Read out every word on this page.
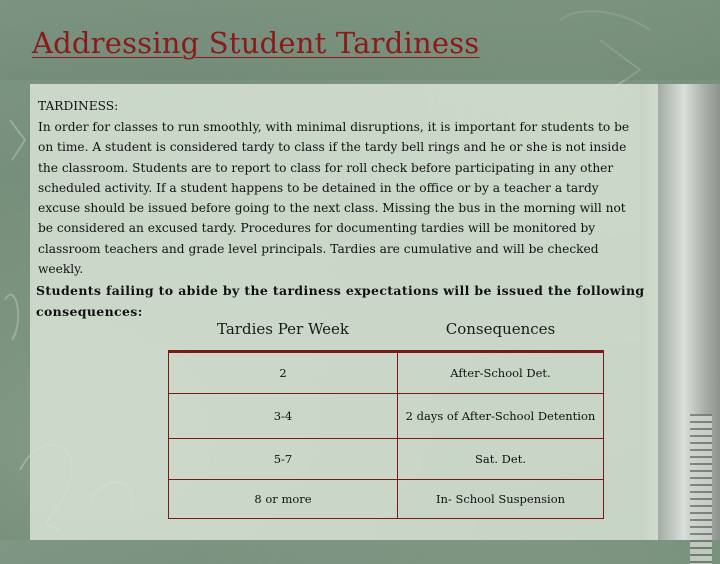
Addressing Student Tardiness

TARDINESS:

In order for classes to run smoothly, with minimal disruptions, it is important for students to be
on time. A student is considered tardy to class if the tardy bell rings and he or she is not inside
the classroom. Students are to report to class for roll check before participating in any other
scheduled activity. If a student happens to be detained in the office or by a teacher a tardy
excuse should be issued before going to the next class. Missing the bus in the morning will not
be considered an excused tardy. Procedures for documenting tardies will be monitored by
classroom teachers and grade level principals. Tardies are cumulative and will be checked
weekly.

Students failing to abide by the tardiness expectations will be issued the following
consequences:

Tardies Per Week	Consequences
2	After-School Det.
3-4	2 days of After-School Detention
5-7	Sat. Det.
8 or more	In- School Suspension
